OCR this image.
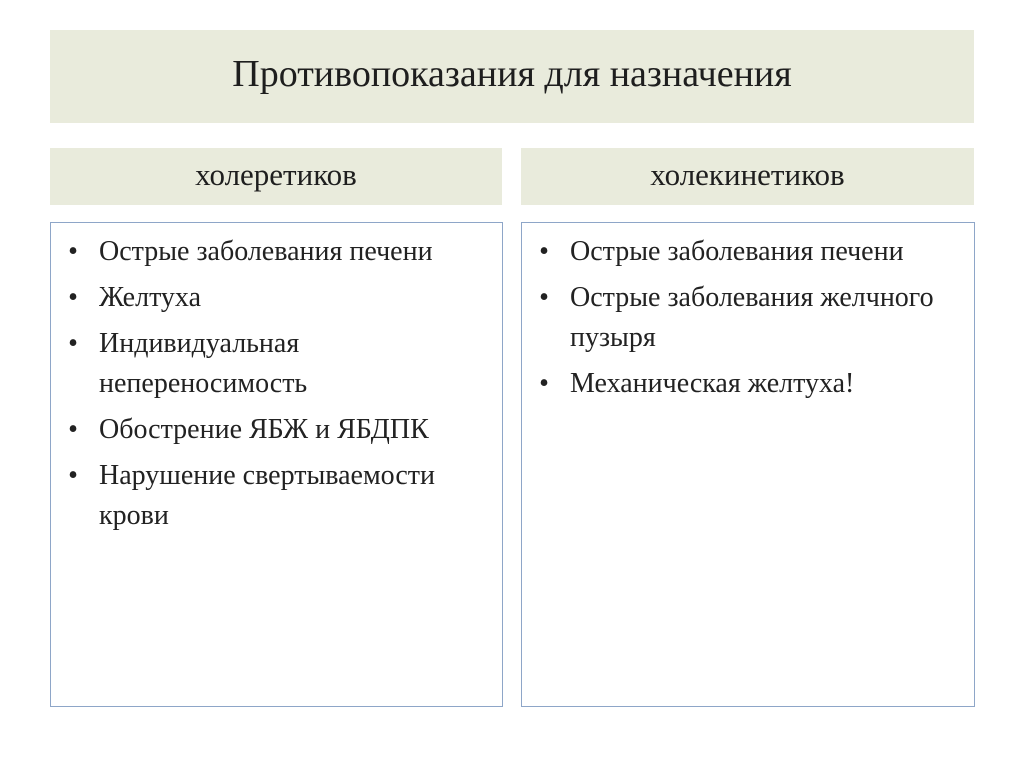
Противопоказания для назначения
холеретиков	холекинетиков
• Острые заболевания печени
• Желтуха
• Индивидуальная непереносимость
• Обострение ЯБЖ и ЯБДПК
• Нарушение свертываемости крови
• Острые заболевания печени
• Острые заболевания желчного пузыря
• Механическая желтуха!
